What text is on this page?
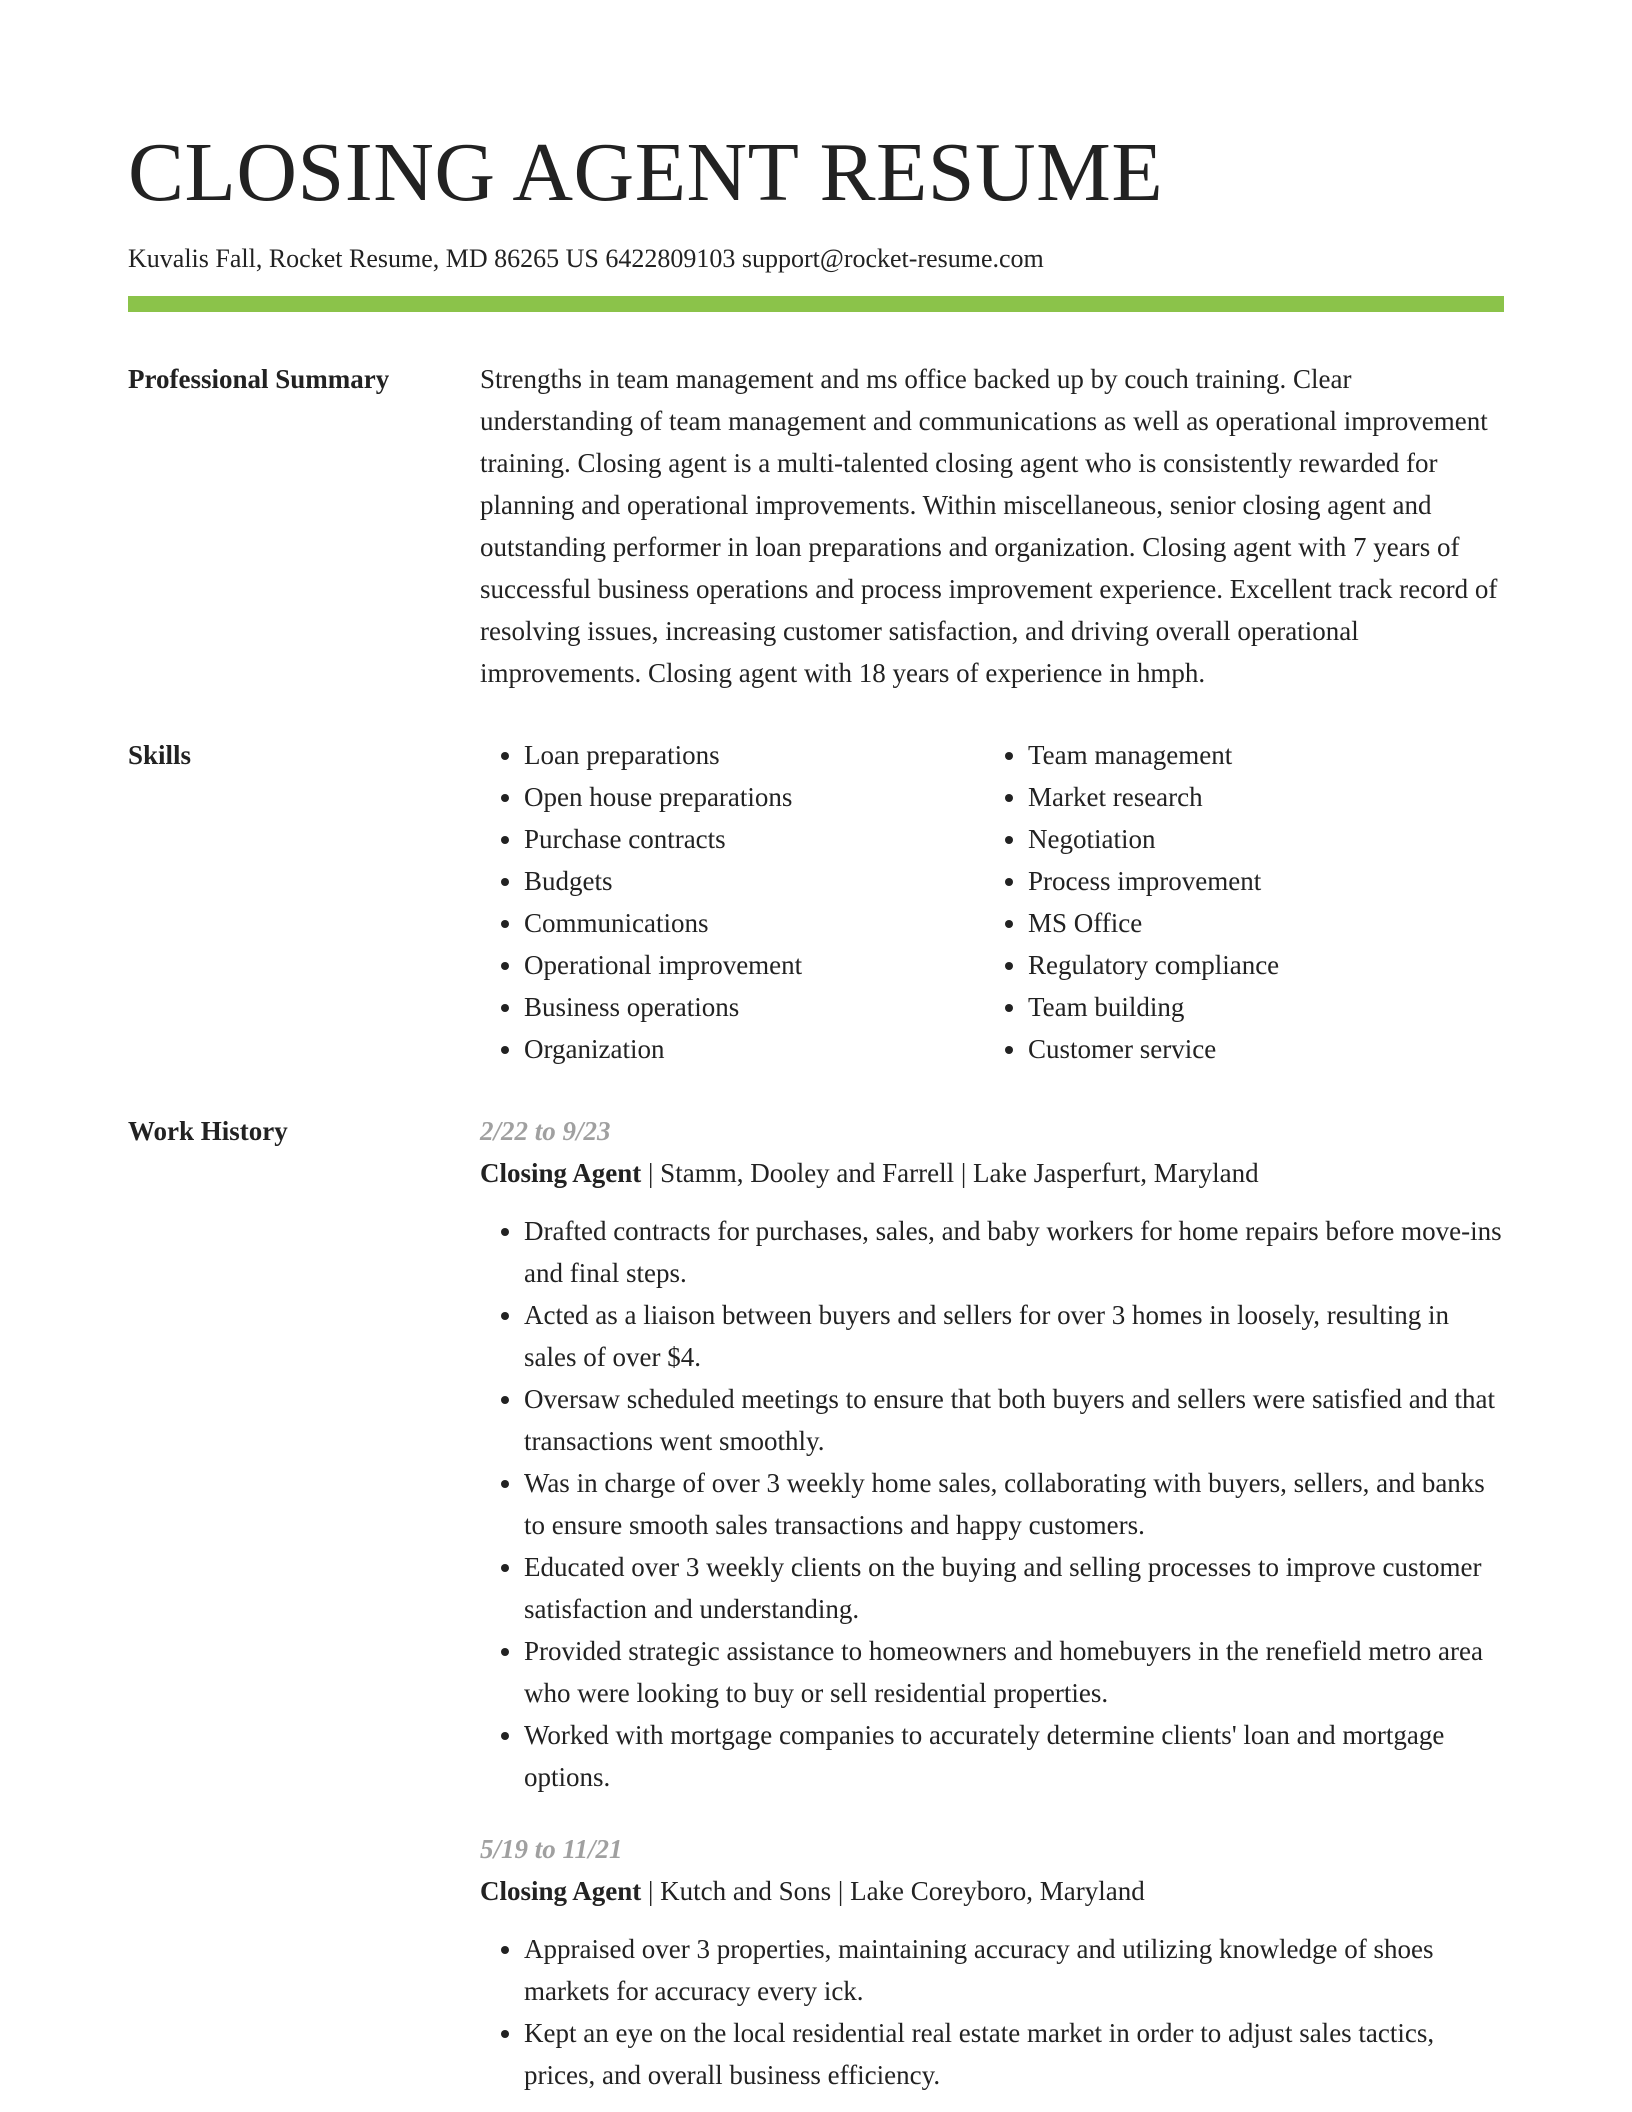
CLOSING AGENT RESUME
Kuvalis Fall, Rocket Resume, MD 86265 US 6422809103 support@rocket-resume.com
Professional Summary	Strengths in team management and ms office backed up by couch training. Clear understanding of team management and communications as well as operational improvement training. Closing agent is a multi-talented closing agent who is consistently rewarded for planning and operational improvements. Within miscellaneous, senior closing agent and outstanding performer in loan preparations and organization. Closing agent with 7 years of successful business operations and process improvement experience. Excellent track record of resolving issues, increasing customer satisfaction, and driving overall operational improvements. Closing agent with 18 years of experience in hmph.

Skills
•	Loan preparations
• Open house preparations
• Purchase contracts
• Budgets
• Communications
• Operational improvement
• Business operations
• Organization
• Team management
• Market research
• Negotiation
• Process improvement
• MS Office
• Regulatory compliance
• Team building
• Customer service
Work History	2/22 to 9/23
Closing Agent | Stamm, Dooley and Farrell | Lake Jasperfurt, Maryland
• Drafted contracts for purchases, sales, and baby workers for home repairs before move-ins and final steps.
• Acted as a liaison between buyers and sellers for over 3 homes in loosely, resulting in sales of over $4.
• Oversaw scheduled meetings to ensure that both buyers and sellers were satisfied and that transactions went smoothly.
• Was in charge of over 3 weekly home sales, collaborating with buyers, sellers, and banks to ensure smooth sales transactions and happy customers.
• Educated over 3 weekly clients on the buying and selling processes to improve customer satisfaction and understanding.
• Provided strategic assistance to homeowners and homebuyers in the renefield metro area who were looking to buy or sell residential properties.
• Worked with mortgage companies to accurately determine clients' loan and mortgage options.
5/19 to 11/21
Closing Agent | Kutch and Sons | Lake Coreyboro, Maryland
• Appraised over 3 properties, maintaining accuracy and utilizing knowledge of shoes markets for accuracy every ick.
• Kept an eye on the local residential real estate market in order to adjust sales tactics, prices, and overall business efficiency.
